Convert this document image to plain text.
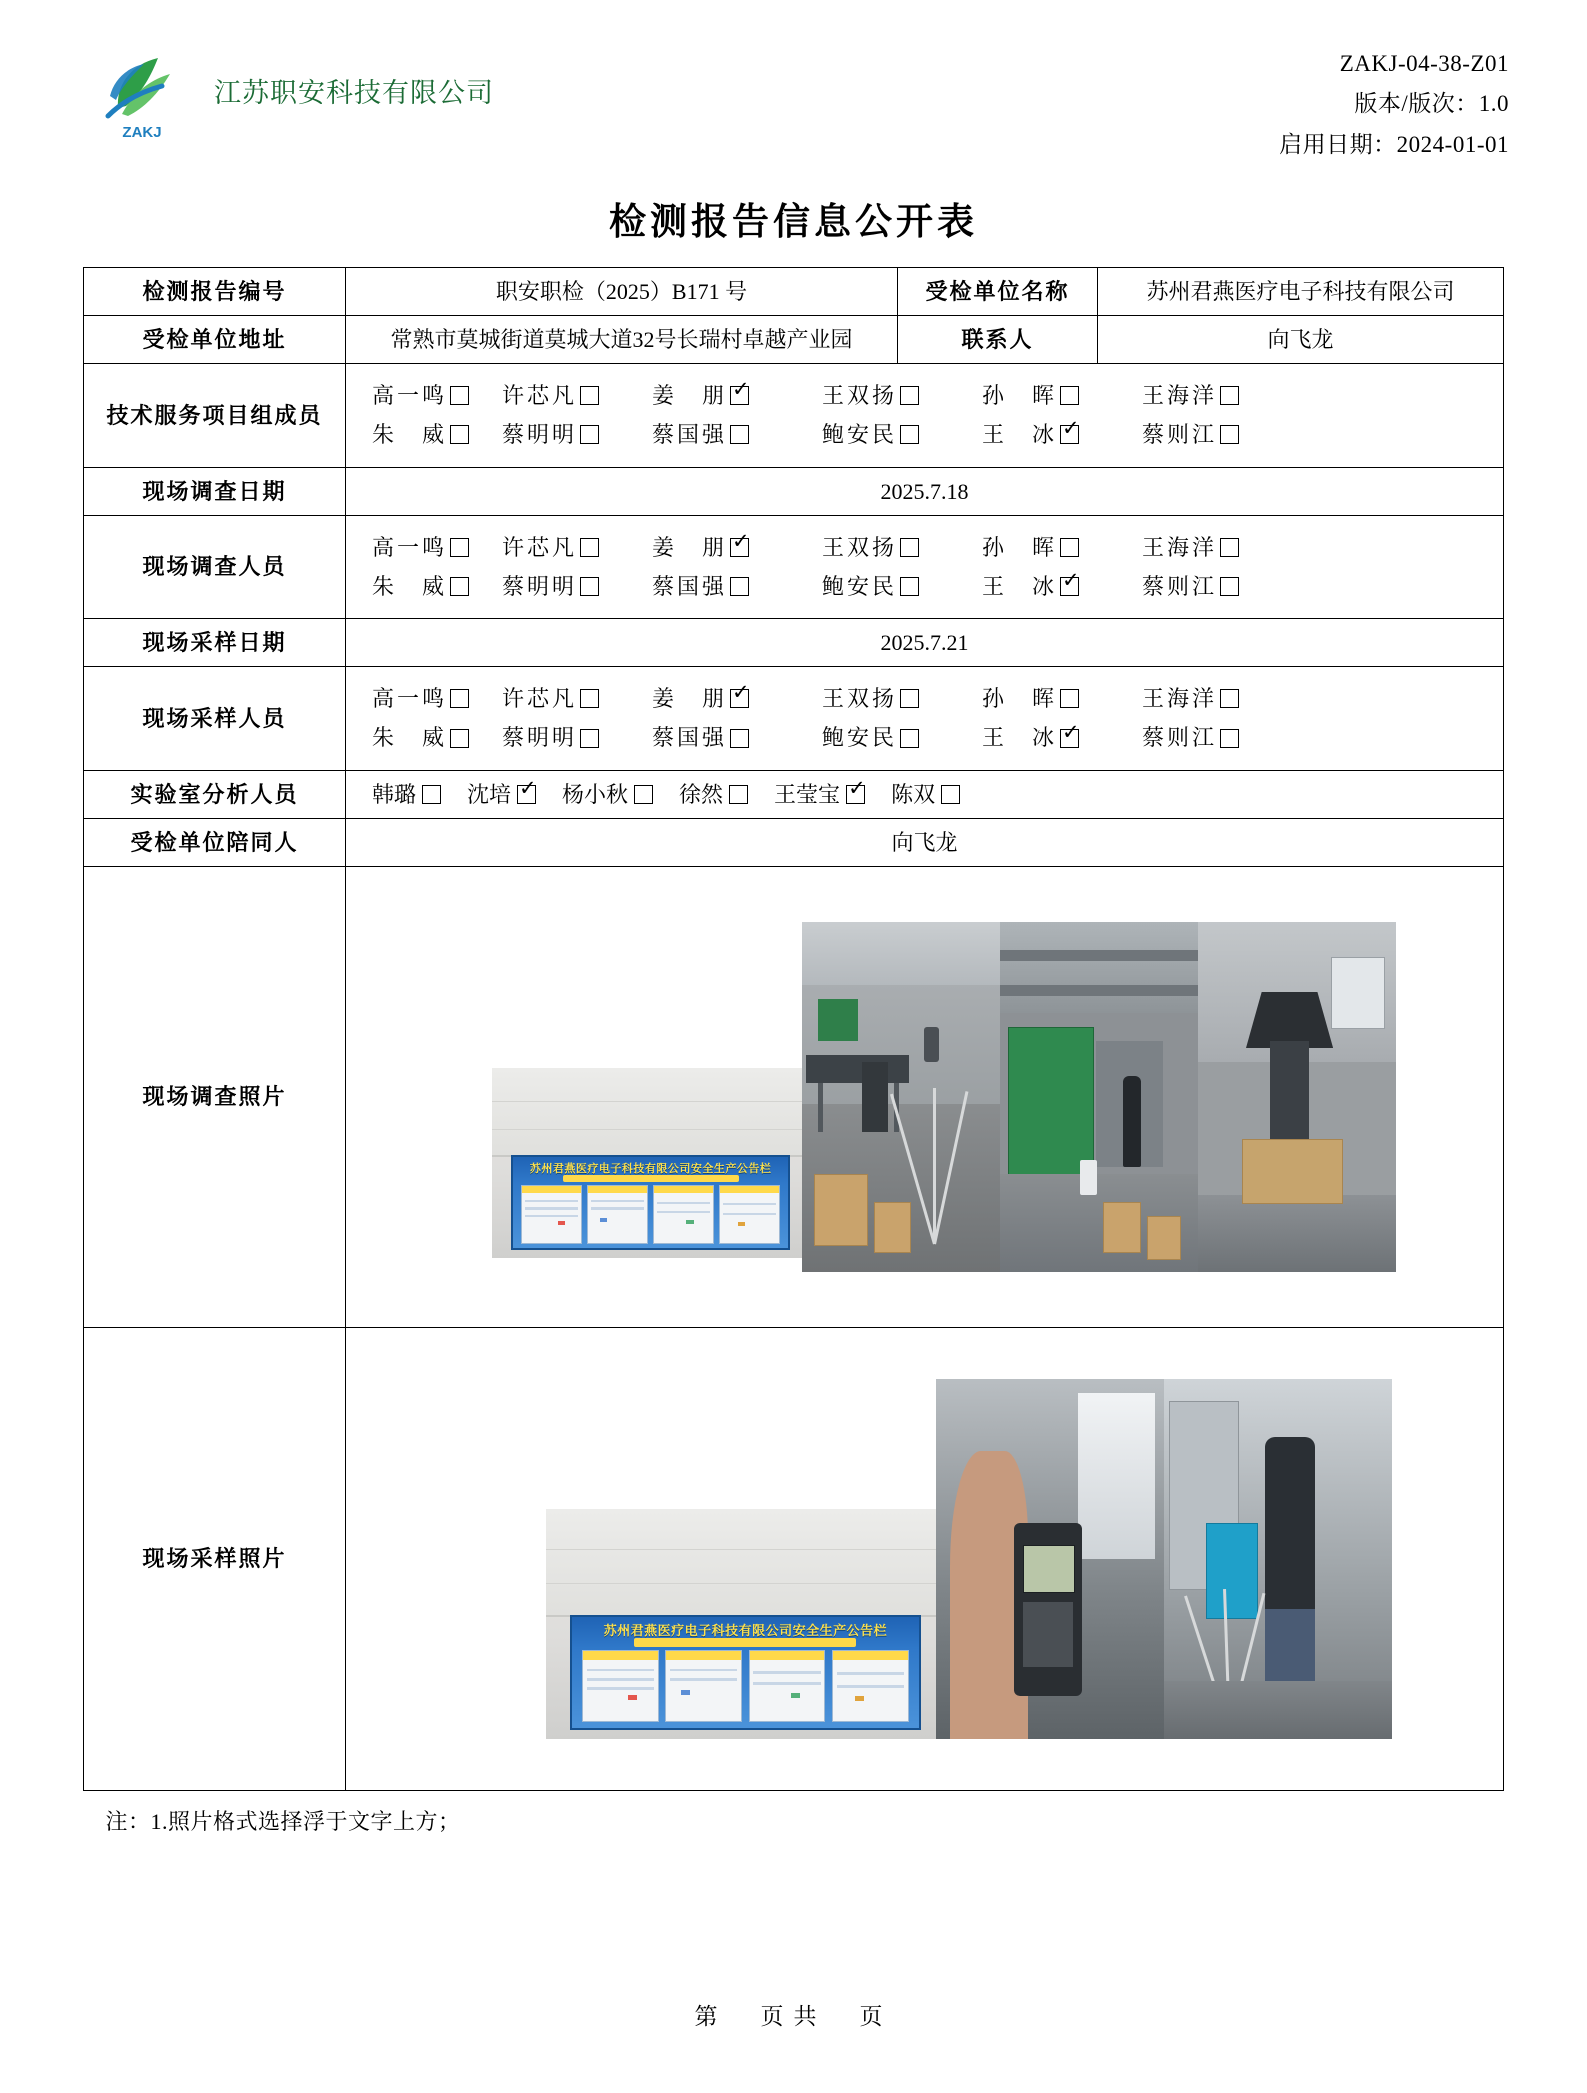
ZAKJ
江苏职安科技有限公司
ZAKJ-04-38-Z01
版本/版次：1.0
启用日期：2024-01-01
检测报告信息公开表
检测报告编号	职安职检（2025）B171 号	受检单位名称	苏州君燕医疗电子科技有限公司
受检单位地址	常熟市莫城街道莫城大道32号长瑞村卓越产业园	联系人	向飞龙
技术服务项目组成员	
高一鸣	许芯凡	姜　朋 ✓	王双扬	孙　晖	王海洋
朱　威	蔡明明	蔡国强	鲍安民	王　冰 ✓	蔡则江

现场调查日期	2025.7.18		
现场调查人员	
高一鸣	许芯凡	姜　朋 ✓	王双扬	孙　晖	王海洋
朱　威	蔡明明	蔡国强	鲍安民	王　冰 ✓	蔡则江

现场采样日期	2025.7.21		
现场采样人员	
高一鸣	许芯凡	姜　朋 ✓	王双扬	孙　晖	王海洋
朱　威	蔡明明	蔡国强	鲍安民	王　冰 ✓	蔡则江

实验室分析人员	韩璐 沈培 ✓ 杨小秋 徐然 王莹宝 ✓ 陈双

受检单位陪同人	向飞龙		
现场调查照片	苏州君燕医疗电子科技有限公司安全生产公告栏		

现场采样照片	苏州君燕医疗电子科技有限公司安全生产公告栏		
注：1.照片格式选择浮于文字上方；
第　页共　页
